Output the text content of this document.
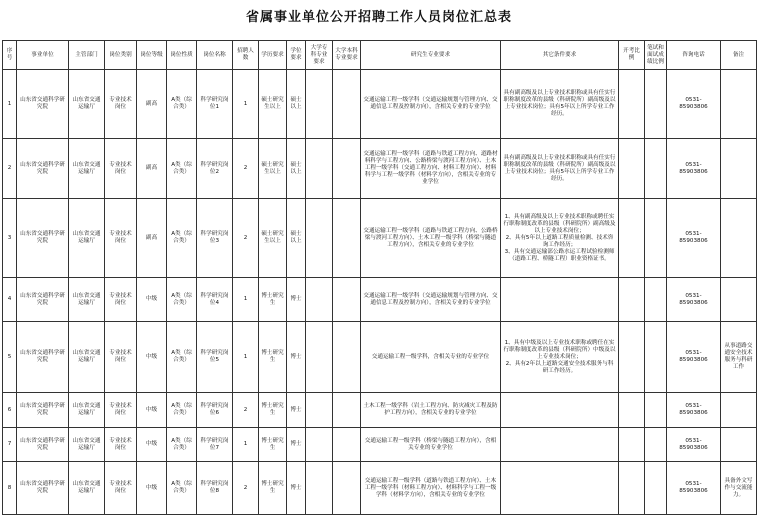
省属事业单位公开招聘工作人员岗位汇总表
序号	事业单位	主管部门	岗位类别	岗位等级	岗位性质	岗位名称	招聘人数	学历要求	学位要求	大学专科专业要求	大学本科专业要求	研究生专业要求	其它条件要求	开考比例	笔试和面试成绩比例	咨询电话	备注
1	山东省交通科学研究院	山东省交通运输厅	专业技术岗位	副高	A类（综合类）	科学研究岗位1	1	硕士研究生以上	硕士以上			交通运输工程一级学科（交通运输规划与管理方向、交通信息工程及控制方向），含相关专业的专业学位	具有副高级及以上专业技术职称或具有任实行职称制度改革的县级（科研院所）副高级及以上专业技术岗位；具有5年以上所学专业工作经历。			0531-
85903806	
2	山东省交通科学研究院	山东省交通运输厅	专业技术岗位	副高	A类（综合类）	科学研究岗位2	2	硕士研究生以上	硕士以上			交通运输工程一级学科（道路与铁道工程方向、道路材料科学与工程方向、公路桥梁与渡河工程方向）、土木工程一级学科（交通工程方向、材料工程方向）、材料科学与工程一级学科（材料学方向），含相关专业的专业学位	具有副高级及以上专业技术职称或具有任实行职称制度改革的县级（科研院所）副高级及以上专业技术岗位；具有5年以上所学专业工作经历。			0531-
85903806	
3	山东省交通科学研究院	山东省交通运输厅	专业技术岗位	副高	A类（综合类）	科学研究岗位3	2	硕士研究生以上	硕士以上			交通运输工程一级学科（道路与铁道工程方向、公路桥梁与渡河工程方向）、土木工程一级学科（桥梁与隧道工程方向），含相关专业的专业学位	1、具有副高级及以上专业技术职称或聘任实行职称制度改革的县级（科研院所）副高级及以上专业技术岗位；
2、具有5年以上道路工程质量检测、技术咨询工作经历；
3、具有交通运输部公路水运工程试验检测师（道路工程、桥隧工程）职业资格证书。			0531-
85903806	
4	山东省交通科学研究院	山东省交通运输厅	专业技术岗位	中级	A类（综合类）	科学研究岗位4	1	博士研究生	博士			交通运输工程一级学科（交通运输规划与管理方向、交通信息工程及控制方向），含相关专业的专业学位				0531-
85903806	
5	山东省交通科学研究院	山东省交通运输厅	专业技术岗位	中级	A类（综合类）	科学研究岗位5	1	博士研究生	博士			交通运输工程一级学科，含相关专业的专业学位	1、具有中级及以上专业技术职称或聘任在实行职称制度改革的县级（科研院所）中级及以上专业技术岗位；
2、具有2年以上道路交通安全技术服务与科研工作经历。			0531-
85903806	从事道路交通安全技术服务与科研工作
6	山东省交通科学研究院	山东省交通运输厅	专业技术岗位	中级	A类（综合类）	科学研究岗位6	2	博士研究生	博士			土木工程一级学科（岩土工程方向、防灾减灾工程及防护工程方向），含相关专业的专业学位				0531-
85903806	
7	山东省交通科学研究院	山东省交通运输厅	专业技术岗位	中级	A类（综合类）	科学研究岗位7	1	博士研究生	博士			交通运输工程一级学科（桥梁与隧道工程方向），含相关专业的专业学位				0531-
85903806	
8	山东省交通科学研究院	山东省交通运输厅	专业技术岗位	中级	A类（综合类）	科学研究岗位8	2	博士研究生	博士			交通运输工程一级学科（道路与铁道工程方向）、土木工程一级学科（材料工程方向）、材料科学与工程一级学科（材料学方向），含相关专业的专业学位				0531-
85903806	具备外文写作与交流能力。
